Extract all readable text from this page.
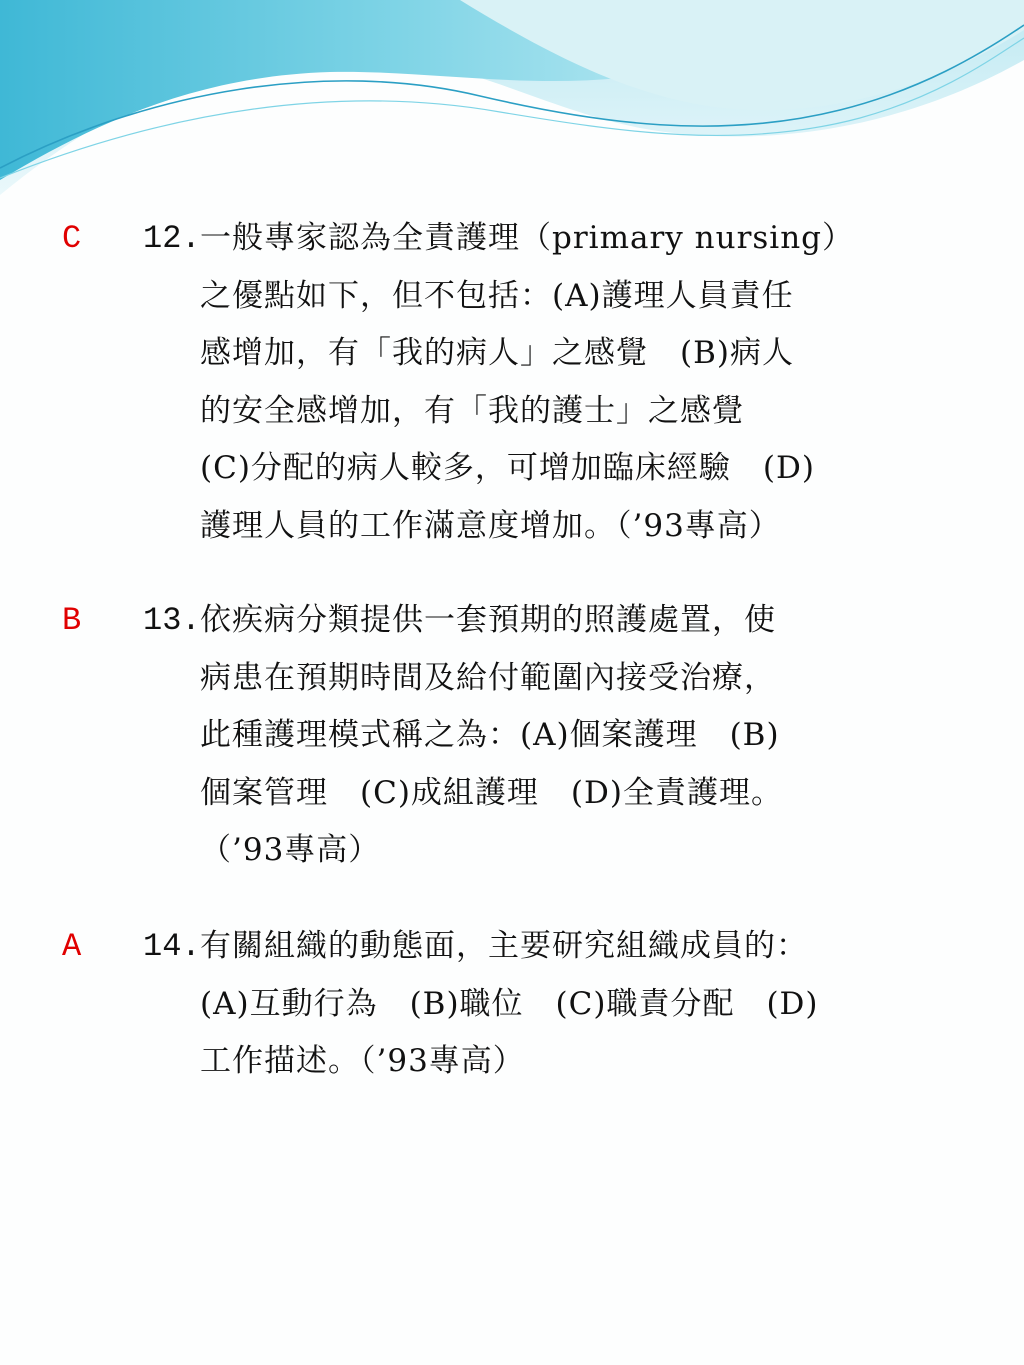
C 12. 一般專家認為全責護理（primary nursing）
之優點如下，但不包括：(A)護理人員責任
感增加，有「我的病人」之感覺　(B)病人
的安全感增加，有「我的護士」之感覺
(C)分配的病人較多，可增加臨床經驗　(D)
護理人員的工作滿意度增加。（’93專高）
B 13. 依疾病分類提供一套預期的照護處置，使
病患在預期時間及給付範圍內接受治療，
此種護理模式稱之為：(A)個案護理　(B)
個案管理　(C)成組護理　(D)全責護理。
（’93專高）
A 14. 有關組織的動態面，主要研究組織成員的：
(A)互動行為　(B)職位　(C)職責分配　(D)
工作描述。（’93專高）
